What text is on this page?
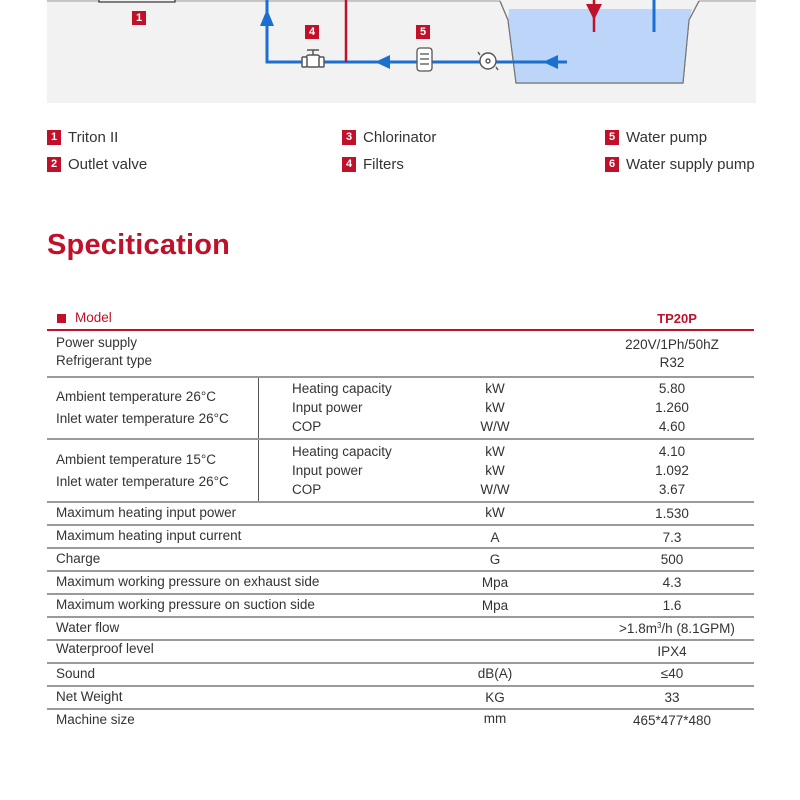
1
4	5
1 Triton II
2 Outlet valve
3 Chlorinator
4 Filters
5 Water pump
6 Water supply pump
Specitication
Model	TP20P
Power supply	220V/1Ph/50hZ
Refrigerant type	R32
Ambient temperature 26°C
Inlet water temperature 26°C
Heating capacity	kW	5.80
Input power	kW	1.260
COP	W/W	4.60
Ambient temperature 15°C
Inlet water temperature 26°C
Heating capacity	kW	4.10
Input power	kW	1.092
COP	W/W	3.67
Maximum heating input power	kW	1.530
Maximum heating input current	A	7.3
Charge	G	500
Maximum working pressure on exhaust side	Mpa	4.3
Maximum working pressure on suction side	Mpa	1.6
Water flow	$>1.8m^3/h$ (8.1GPM)
Waterproof level	IPX4
Sound	dB(A)	≤40
Net Weight	KG	33
Machine size	mm	465*477*480
